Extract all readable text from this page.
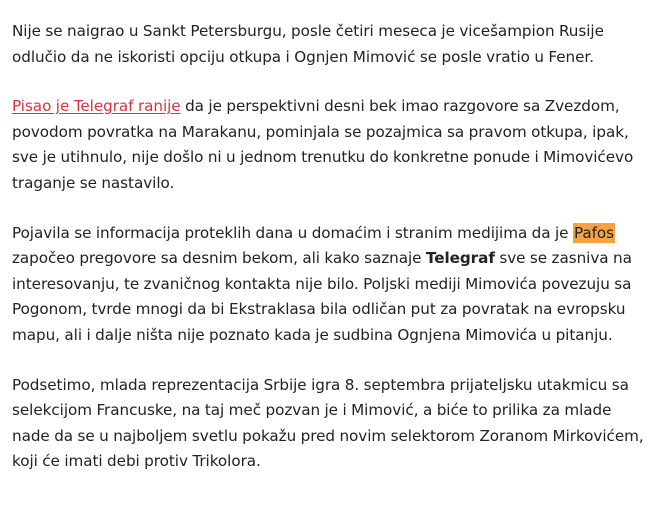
Nije se naigrao u Sankt Petersburgu, posle četiri meseca je vicešampion Rusije odlučio da ne iskoristi opciju otkupa i Ognjen Mimović se posle vratio u Fener.

Pisao je Telegraf ranije da je perspektivni desni bek imao razgovore sa Zvezdom, povodom povratka na Marakanu, pominjala se pozajmica sa pravom otkupa, ipak, sve je utihnulo, nije došlo ni u jednom trenutku do konkretne ponude i Mimovićevo traganje se nastavilo.

Pojavila se informacija proteklih dana u domaćim i stranim medijima da je Pafos započeo pregovore sa desnim bekom, ali kako saznaje Telegraf sve se zasniva na interesovanju, te zvaničnog kontakta nije bilo. Poljski mediji Mimovića povezuju sa Pogonom, tvrde mnogi da bi Ekstraklasa bila odličan put za povratak na evropsku mapu, ali i dalje ništa nije poznato kada je sudbina Ognjena Mimovića u pitanju.

Podsetimo, mlada reprezentacija Srbije igra 8. septembra prijateljsku utakmicu sa selekcijom Francuske, na taj meč pozvan je i Mimović, a biće to prilika za mlade nade da se u najboljem svetlu pokažu pred novim selektorom Zoranom Mirkovićem, koji će imati debi protiv Trikolora.
